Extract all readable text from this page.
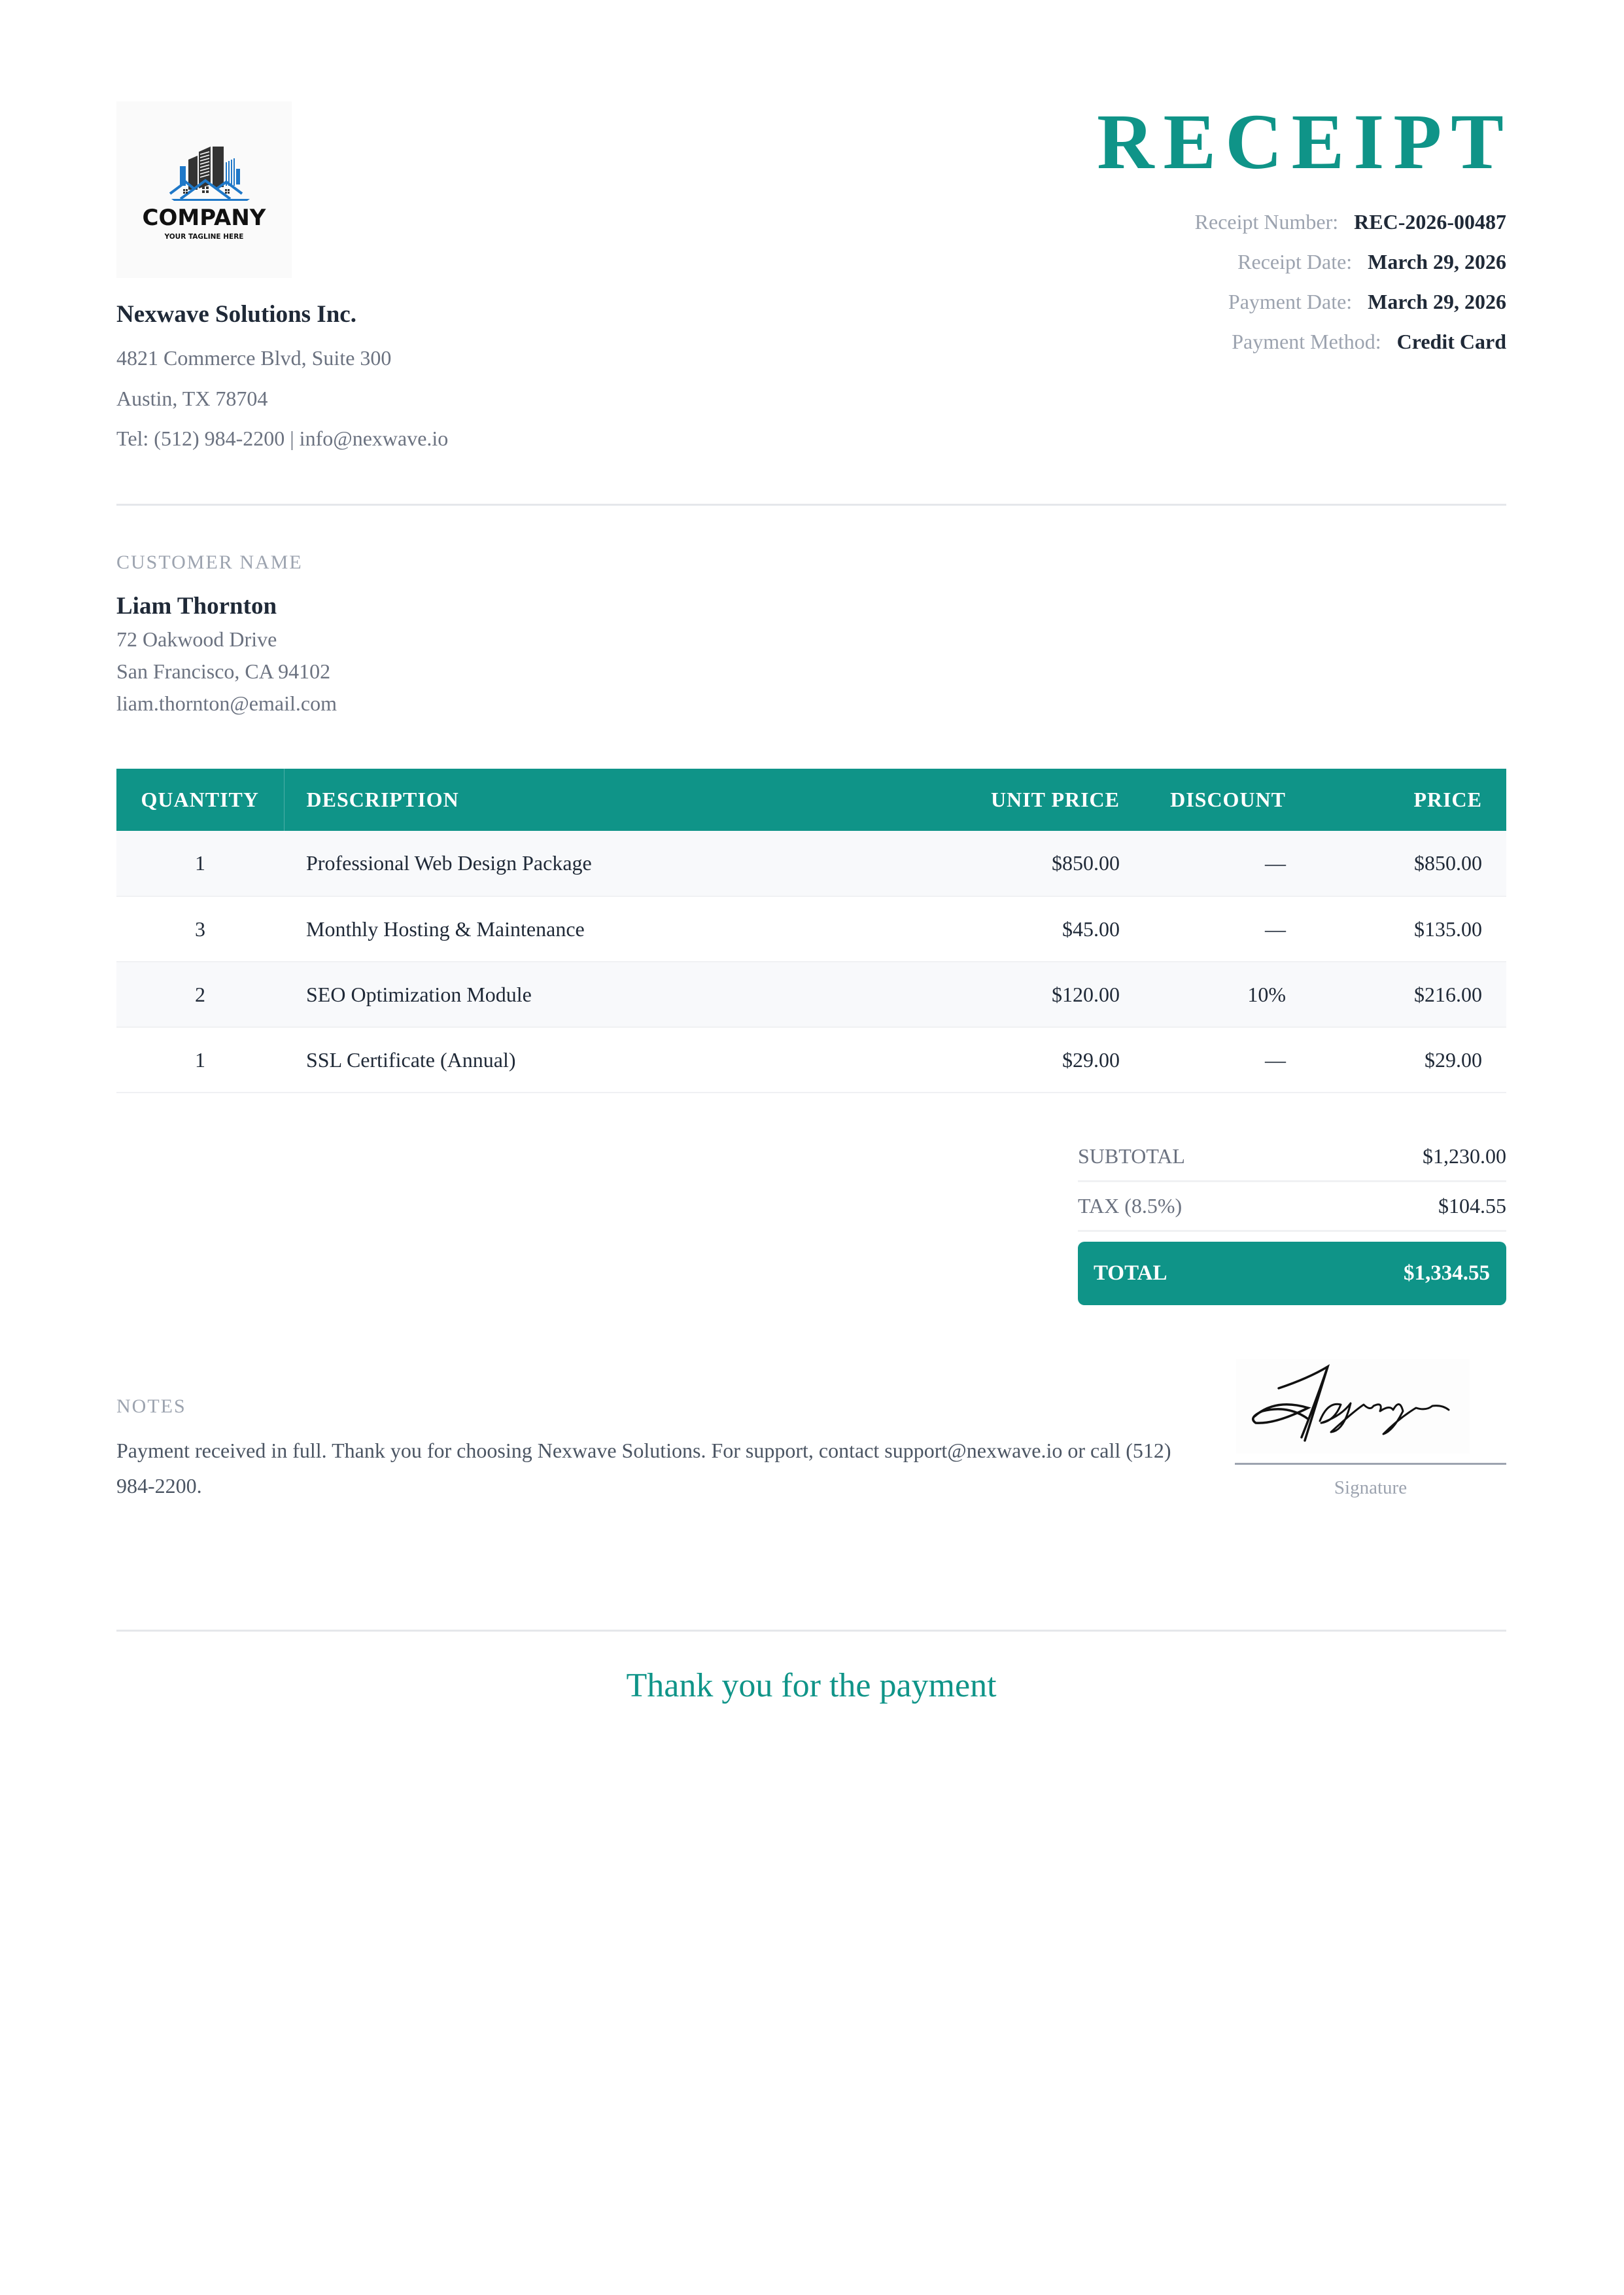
COMPANY
YOUR TAGLINE HERE
Nexwave Solutions Inc.
4821 Commerce Blvd, Suite 300
Austin, TX 78704
Tel: (512) 984-2200 | info@nexwave.io
RECEIPT
Receipt Number: REC-2026-00487
Receipt Date: March 29, 2026
Payment Date: March 29, 2026
Payment Method: Credit Card
CUSTOMER NAME
Liam Thornton
72 Oakwood Drive
San Francisco, CA 94102
liam.thornton@email.com
QUANTITY	DESCRIPTION	UNIT PRICE	DISCOUNT	PRICE
1	Professional Web Design Package	$850.00	—	$850.00
3	Monthly Hosting & Maintenance	$45.00	—	$135.00
2	SEO Optimization Module	$120.00	10%	$216.00
1	SSL Certificate (Annual)	$29.00	—	$29.00
SUBTOTAL	$1,230.00
TAX (8.5%)	$104.55
TOTAL	$1,334.55
NOTES
Payment received in full. Thank you for choosing Nexwave Solutions. For support, contact support@nexwave.io or call (512) 984-2200.	Signature
Thank you for the payment
